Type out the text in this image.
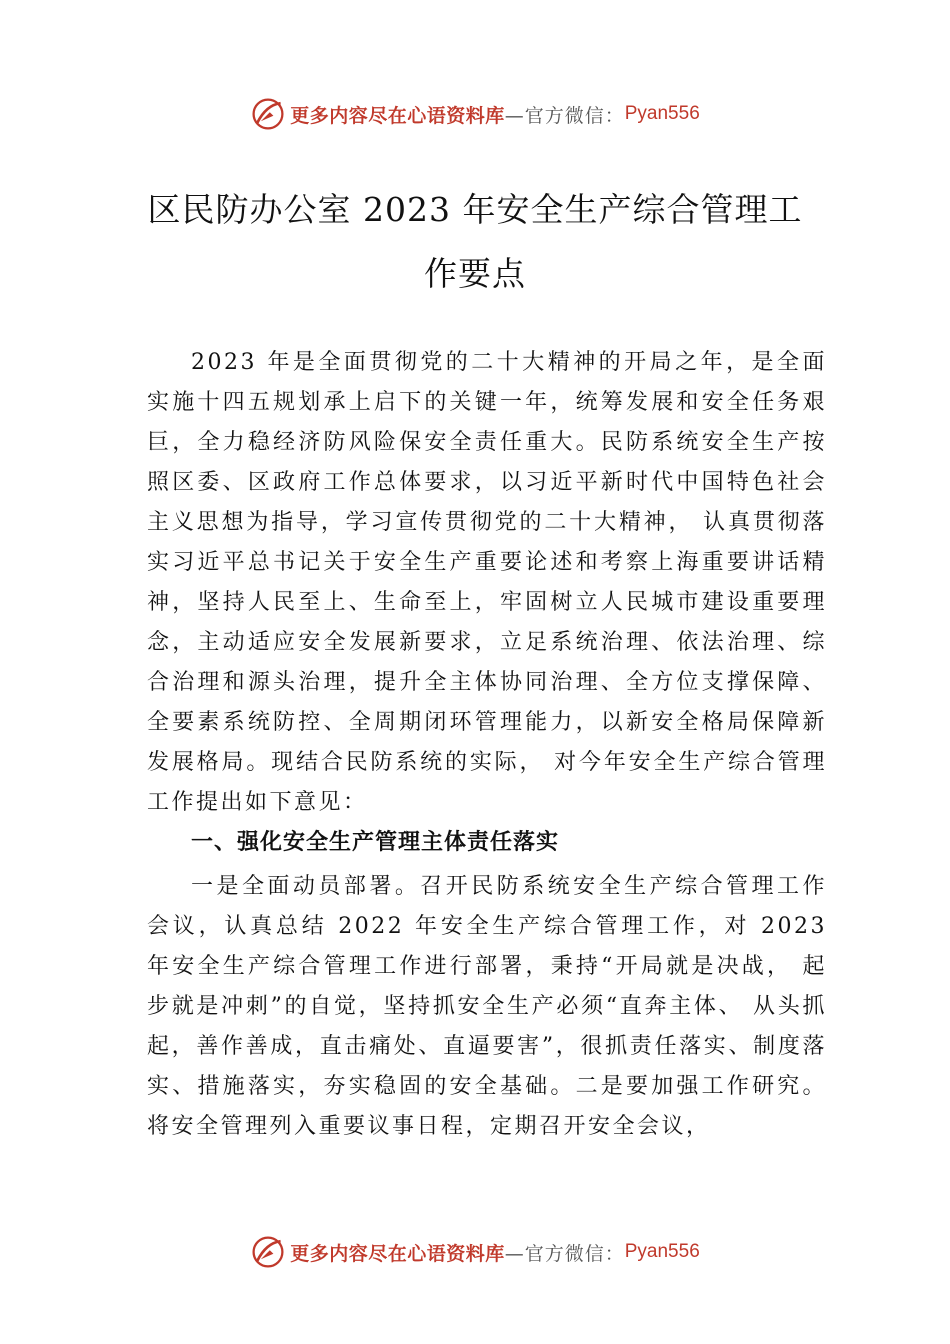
更多内容尽在心语资料库 —官方微信： Pyan556
区民防办公室 2023 年安全生产综合管理工
作要点

2023 年是全面贯彻党的二十大精神的开局之年，是全面实施十四五规划承上启下的关键一年，统筹发展和安全任务艰巨，全力稳经济防风险保安全责任重大。民防系统安全生产按照区委、区政府工作总体要求，以习近平新时代中国特色社会主义思想为指导，学习宣传贯彻党的二十大精神， 认真贯彻落实习近平总书记关于安全生产重要论述和考察上海重要讲话精神，坚持人民至上、生命至上，牢固树立人民城市建设重要理念，主动适应安全发展新要求，立足系统治理、依法治理、综合治理和源头治理，提升全主体协同治理、全方位支撑保障、全要素系统防控、全周期闭环管理能力，以新安全格局保障新发展格局。现结合民防系统的实际， 对今年安全生产综合管理工作提出如下意见：

一、强化安全生产管理主体责任落实

一是全面动员部署。召开民防系统安全生产综合管理工作会议，认真总结 2022 年安全生产综合管理工作，对 2023 年安全生产综合管理工作进行部署，秉持“开局就是决战， 起步就是冲刺”的自觉，坚持抓安全生产必须“直奔主体、 从头抓起，善作善成，直击痛处、直逼要害”，很抓责任落实、制度落实、措施落实，夯实稳固的安全基础。二是要加强工作研究。将安全管理列入重要议事日程，定期召开安全会议，

更多内容尽在心语资料库 —官方微信： Pyan556
